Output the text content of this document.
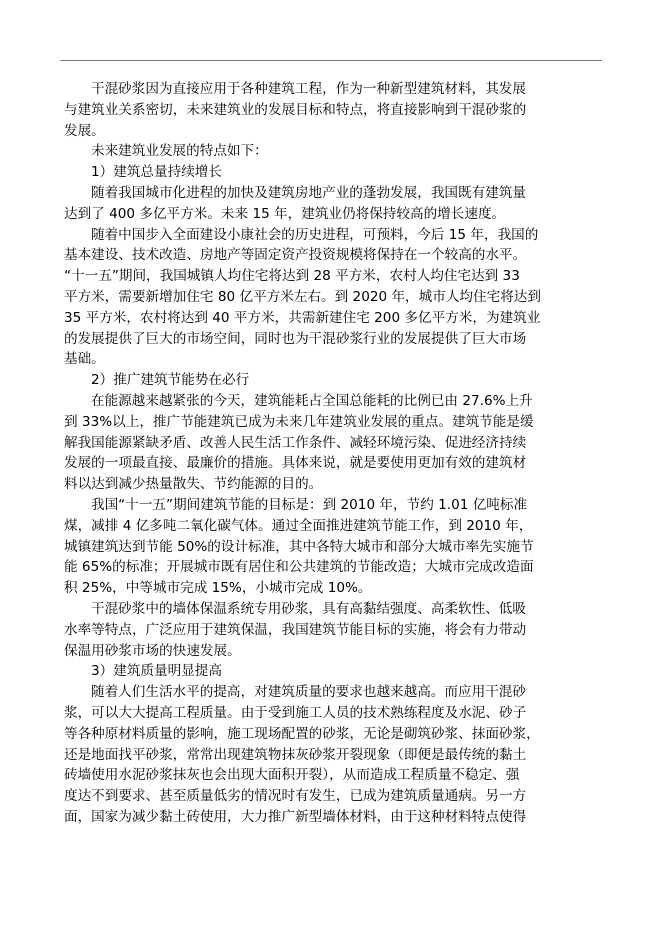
干混砂浆因为直接应用于各种建筑工程，作为一种新型建筑材料，其发展
与建筑业关系密切，未来建筑业的发展目标和特点，将直接影响到干混砂浆的
发展。
未来建筑业发展的特点如下：
1）建筑总量持续增长
随着我国城市化进程的加快及建筑房地产业的蓬勃发展，我国既有建筑量
达到了 400 多亿平方米。未来 15 年，建筑业仍将保持较高的增长速度。
随着中国步入全面建设小康社会的历史进程，可预料，今后 15 年，我国的
基本建设、技术改造、房地产等固定资产投资规模将保持在一个较高的水平。
“十一五”期间，我国城镇人均住宅将达到 28 平方米，农村人均住宅达到 33
平方米，需要新增加住宅 80 亿平方米左右。到 2020 年，城市人均住宅将达到
35 平方米，农村将达到 40 平方米，共需新建住宅 200 多亿平方米，为建筑业
的发展提供了巨大的市场空间，同时也为干混砂浆行业的发展提供了巨大市场
基础。
2）推广建筑节能势在必行
在能源越来越紧张的今天，建筑能耗占全国总能耗的比例已由 27.6%上升
到 33%以上，推广节能建筑已成为未来几年建筑业发展的重点。建筑节能是缓
解我国能源紧缺矛盾、改善人民生活工作条件、减轻环境污染、促进经济持续
发展的一项最直接、最廉价的措施。具体来说，就是要使用更加有效的建筑材
料以达到减少热量散失、节约能源的目的。
我国“十一五”期间建筑节能的目标是：到 2010 年，节约 1.01 亿吨标准
煤，减排 4 亿多吨二氧化碳气体。通过全面推进建筑节能工作，到 2010 年，
城镇建筑达到节能 50%的设计标准，其中各特大城市和部分大城市率先实施节
能 65%的标准；开展城市既有居住和公共建筑的节能改造；大城市完成改造面
积 25%，中等城市完成 15%，小城市完成 10%。
干混砂浆中的墙体保温系统专用砂浆，具有高黏结强度、高柔软性、低吸
水率等特点，广泛应用于建筑保温，我国建筑节能目标的实施，将会有力带动
保温用砂浆市场的快速发展。
3）建筑质量明显提高
随着人们生活水平的提高，对建筑质量的要求也越来越高。而应用干混砂
浆，可以大大提高工程质量。由于受到施工人员的技术熟练程度及水泥、砂子
等各种原材料质量的影响，施工现场配置的砂浆，无论是砌筑砂浆、抹面砂浆，
还是地面找平砂浆，常常出现建筑物抹灰砂浆开裂现象（即便是最传统的黏土
砖墙使用水泥砂浆抹灰也会出现大面积开裂），从而造成工程质量不稳定、强
度达不到要求、甚至质量低劣的情况时有发生，已成为建筑质量通病。另一方
面，国家为减少黏土砖使用，大力推广新型墙体材料，由于这种材料特点使得
